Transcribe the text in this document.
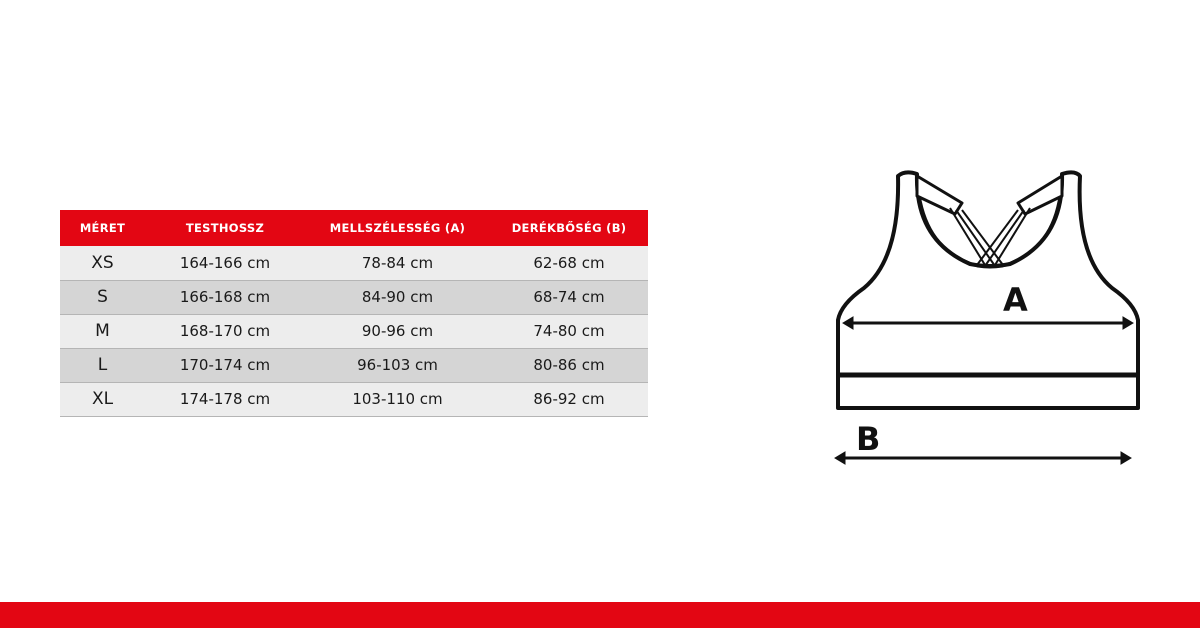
MÉRET	TESTHOSSZ	MELLSZÉLESSÉG (A)	DERÉKBŐSÉG (B)
XS	164-166 cm	78-84 cm	62-68 cm
S	166-168 cm	84-90 cm	68-74 cm
M	168-170 cm	90-96 cm	74-80 cm
L	170-174 cm	96-103 cm	80-86 cm
XL	174-178 cm	103-110 cm	86-92 cm
A
B
